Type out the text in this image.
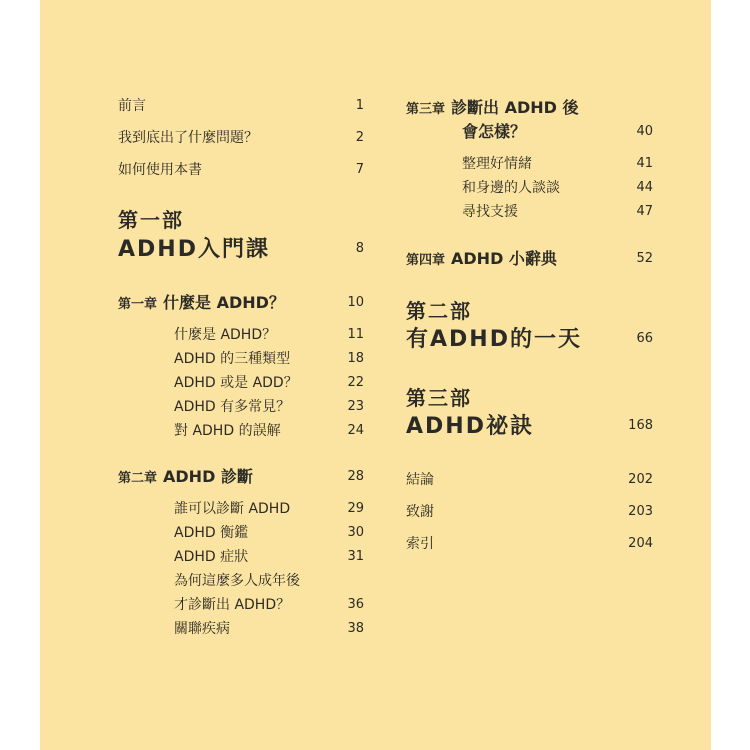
前言	1
我到底出了什麼問題？	2
如何使用本書	7
第一部
ADHD入門課	8
第一章 什麼是 ADHD？	10
什麼是 ADHD？	11
ADHD 的三種類型	18
ADHD 或是 ADD？	22
ADHD 有多常見？	23
對 ADHD 的誤解	24
第二章 ADHD 診斷	28
誰可以診斷 ADHD	29
ADHD 衡鑑	30
ADHD 症狀	31
為何這麼多人成年後
才診斷出 ADHD？	36
關聯疾病	38
第三章 診斷出 ADHD 後
會怎樣？	40
整理好情緒	41
和身邊的人談談	44
尋找支援	47
第四章 ADHD 小辭典	52
第二部
有ADHD的一天	66
第三部
ADHD祕訣	168
結論	202
致謝	203
索引	204
